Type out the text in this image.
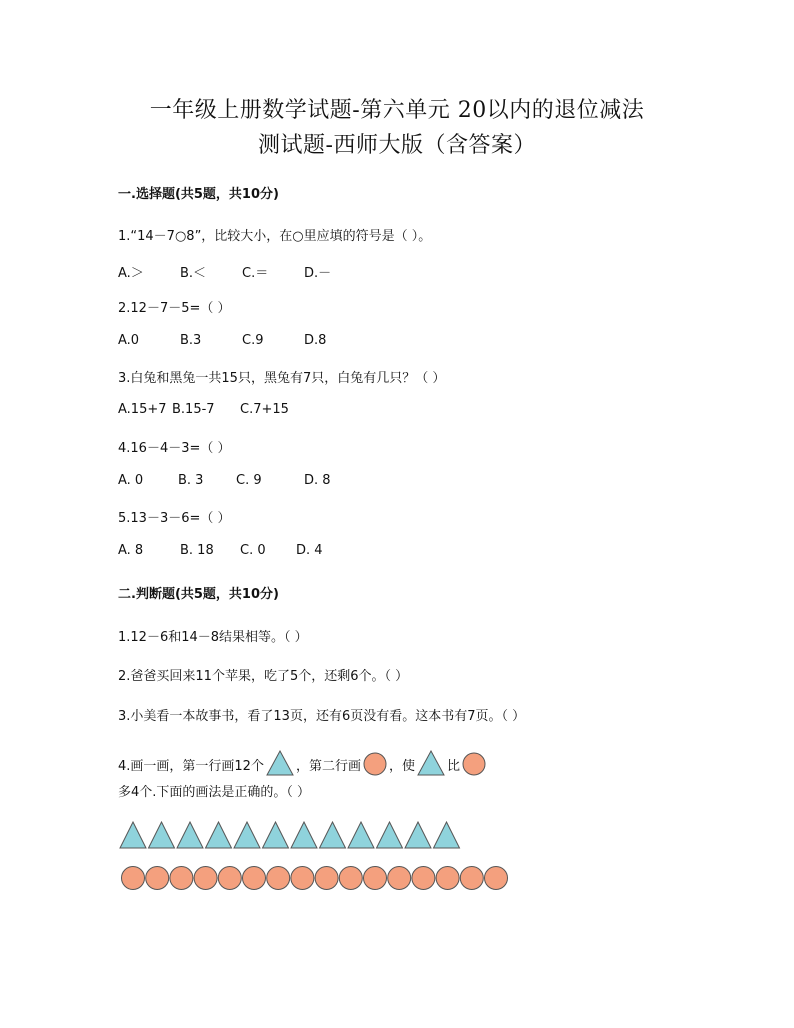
一年级上册数学试题-第六单元 20以内的退位减法
测试题-西师大版（含答案）
一.选择题(共5题，共10分)
1.“14－7○8”，比较大小，在○里应填的符号是（ ）。
A.＞	B.＜	C.＝	D.－
2.12－7－5=（ ）
A.0	B.3	C.9	D.8
3.白兔和黑兔一共15只，黑兔有7只，白兔有几只？（ ）
A.15+7 B.15-7 C.7+15
4.16－4－3=（ ）
A. 0	B. 3	C. 9	D. 8
5.13－3－6=（ ）
A. 8	B. 18 C. 0 D. 4
二.判断题(共5题，共10分)
1.12－6和14－8结果相等。（ ）
2.爸爸买回来11个苹果，吃了5个，还剩6个。（ ）
3.小美看一本故事书，看了13页，还有6页没有看。这本书有7页。（ ）
4.画一画，第一行画12个 ，第二行画 ，使 比
多4个.下面的画法是正确的。（ ）
